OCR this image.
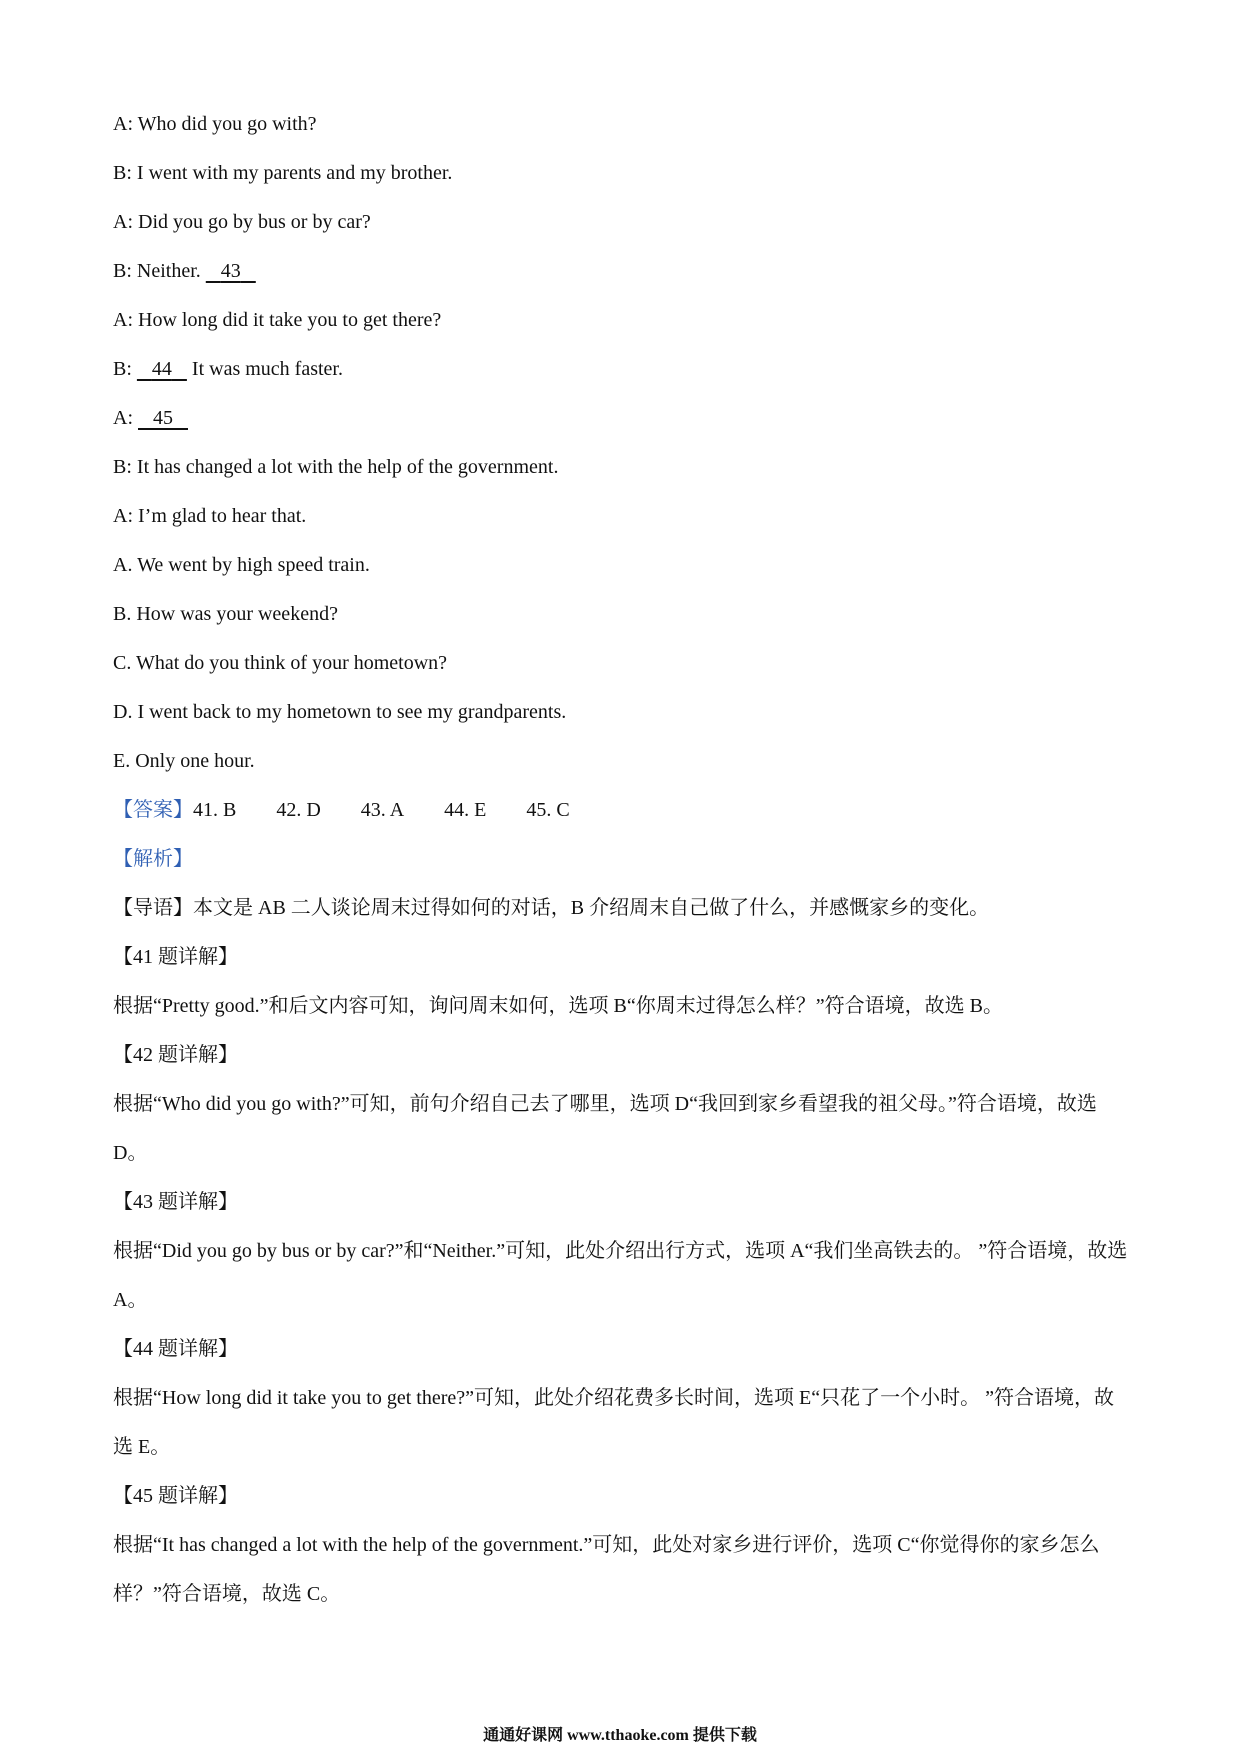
A: Who did you go with?
B: I went with my parents and my brother.
A: Did you go by bus or by car?
B: Neither. 43
A: How long did it take you to get there?
B: 44 It was much faster.
A: 45
B: It has changed a lot with the help of the government.
A: I’m glad to hear that.
A. We went by high speed train.
B. How was your weekend?
C. What do you think of your hometown?
D. I went back to my hometown to see my grandparents.
E. Only one hour.
【答案】41. B 42. D 43. A 44. E 45. C
【解析】
【导语】本文是 AB 二人谈论周末过得如何的对话，B 介绍周末自己做了什么，并感慨家乡的变化。
【41 题详解】
根据“Pretty good.”和后文内容可知，询问周末如何，选项 B“你周末过得怎么样？”符合语境，故选 B。
【42 题详解】
根据“Who did you go with?”可知，前句介绍自己去了哪里，选项 D“我回到家乡看望我的祖父母。”符合语境，故选 D。
【43 题详解】
根据“Did you go by bus or by car?”和“Neither.”可知，此处介绍出行方式，选项 A“我们坐高铁去的。 ”符合语境，故选 A。
【44 题详解】
根据“How long did it take you to get there?”可知，此处介绍花费多长时间，选项 E“只花了一个小时。 ”符合语境，故选 E。
【45 题详解】
根据“It has changed a lot with the help of the government.”可知，此处对家乡进行评价，选项 C“你觉得你的家乡怎么样？”符合语境，故选 C。
通通好课网 www.tthaoke.com 提供下载
